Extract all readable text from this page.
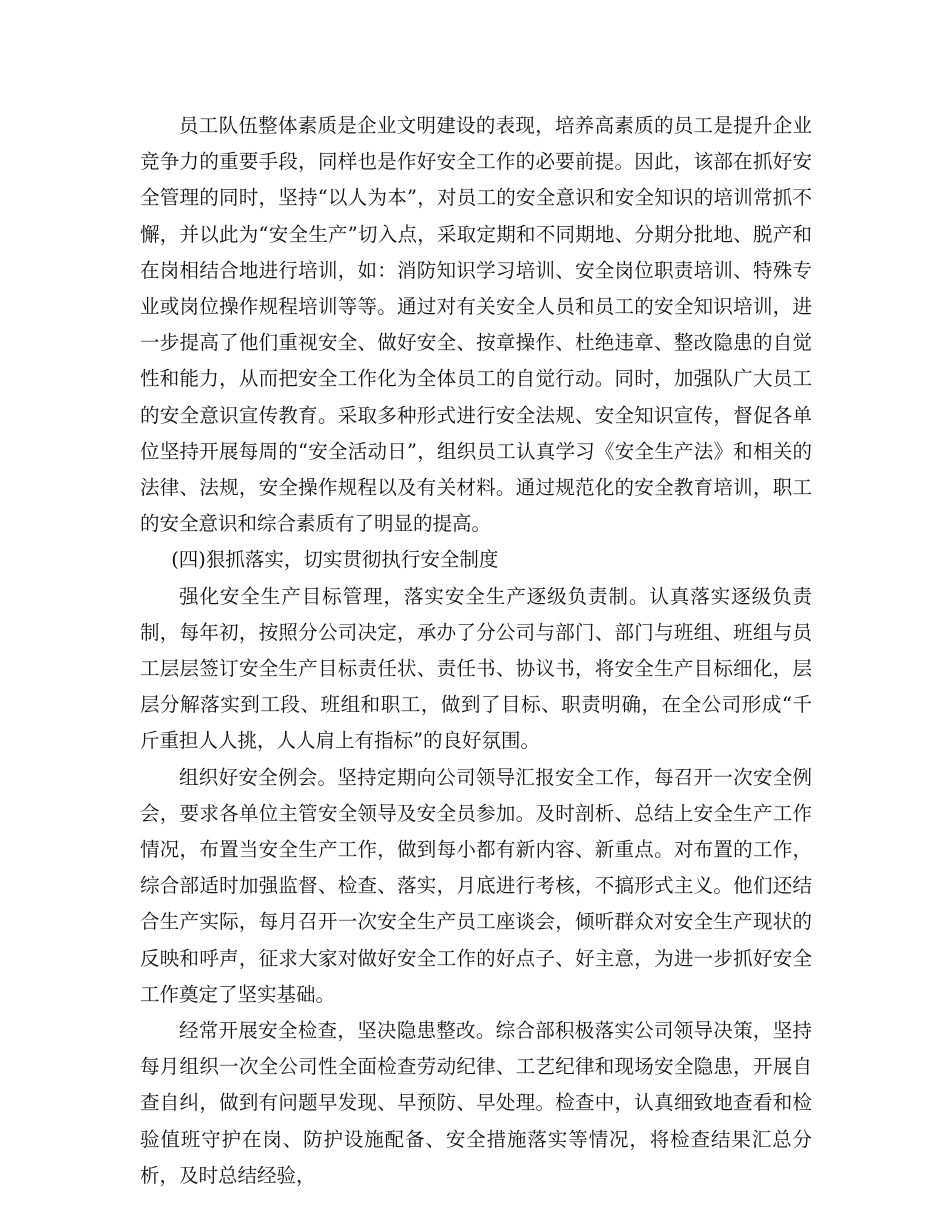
员工队伍整体素质是企业文明建设的表现，培养高素质的员工是提升企业竞争力的重要手段，同样也是作好安全工作的必要前提。因此，该部在抓好安全管理的同时，坚持“以人为本”，对员工的安全意识和安全知识的培训常抓不懈，并以此为“安全生产”切入点，采取定期和不同期地、分期分批地、脱产和在岗相结合地进行培训，如：消防知识学习培训、安全岗位职责培训、特殊专业或岗位操作规程培训等等。通过对有关安全人员和员工的安全知识培训，进一步提高了他们重视安全、做好安全、按章操作、杜绝违章、整改隐患的自觉性和能力，从而把安全工作化为全体员工的自觉行动。同时，加强队广大员工的安全意识宣传教育。采取多种形式进行安全法规、安全知识宣传，督促各单位坚持开展每周的“安全活动日”，组织员工认真学习《安全生产法》和相关的法律、法规，安全操作规程以及有关材料。通过规范化的安全教育培训，职工的安全意识和综合素质有了明显的提高。

(四)狠抓落实，切实贯彻执行安全制度

强化安全生产目标管理，落实安全生产逐级负责制。认真落实逐级负责制，每年初，按照分公司决定，承办了分公司与部门、部门与班组、班组与员工层层签订安全生产目标责任状、责任书、协议书，将安全生产目标细化，层层分解落实到工段、班组和职工，做到了目标、职责明确，在全公司形成“千斤重担人人挑，人人肩上有指标”的良好氛围。

组织好安全例会。坚持定期向公司领导汇报安全工作，每召开一次安全例会，要求各单位主管安全领导及安全员参加。及时剖析、总结上安全生产工作情况，布置当安全生产工作，做到每小都有新内容、新重点。对布置的工作，综合部适时加强监督、检查、落实，月底进行考核，不搞形式主义。他们还结合生产实际，每月召开一次安全生产员工座谈会，倾听群众对安全生产现状的反映和呼声，征求大家对做好安全工作的好点子、好主意，为进一步抓好安全工作奠定了坚实基础。

经常开展安全检查，坚决隐患整改。综合部积极落实公司领导决策，坚持每月组织一次全公司性全面检查劳动纪律、工艺纪律和现场安全隐患，开展自查自纠，做到有问题早发现、早预防、早处理。检查中，认真细致地查看和检验值班守护在岗、防护设施配备、安全措施落实等情况，将检查结果汇总分析，及时总结经验，
